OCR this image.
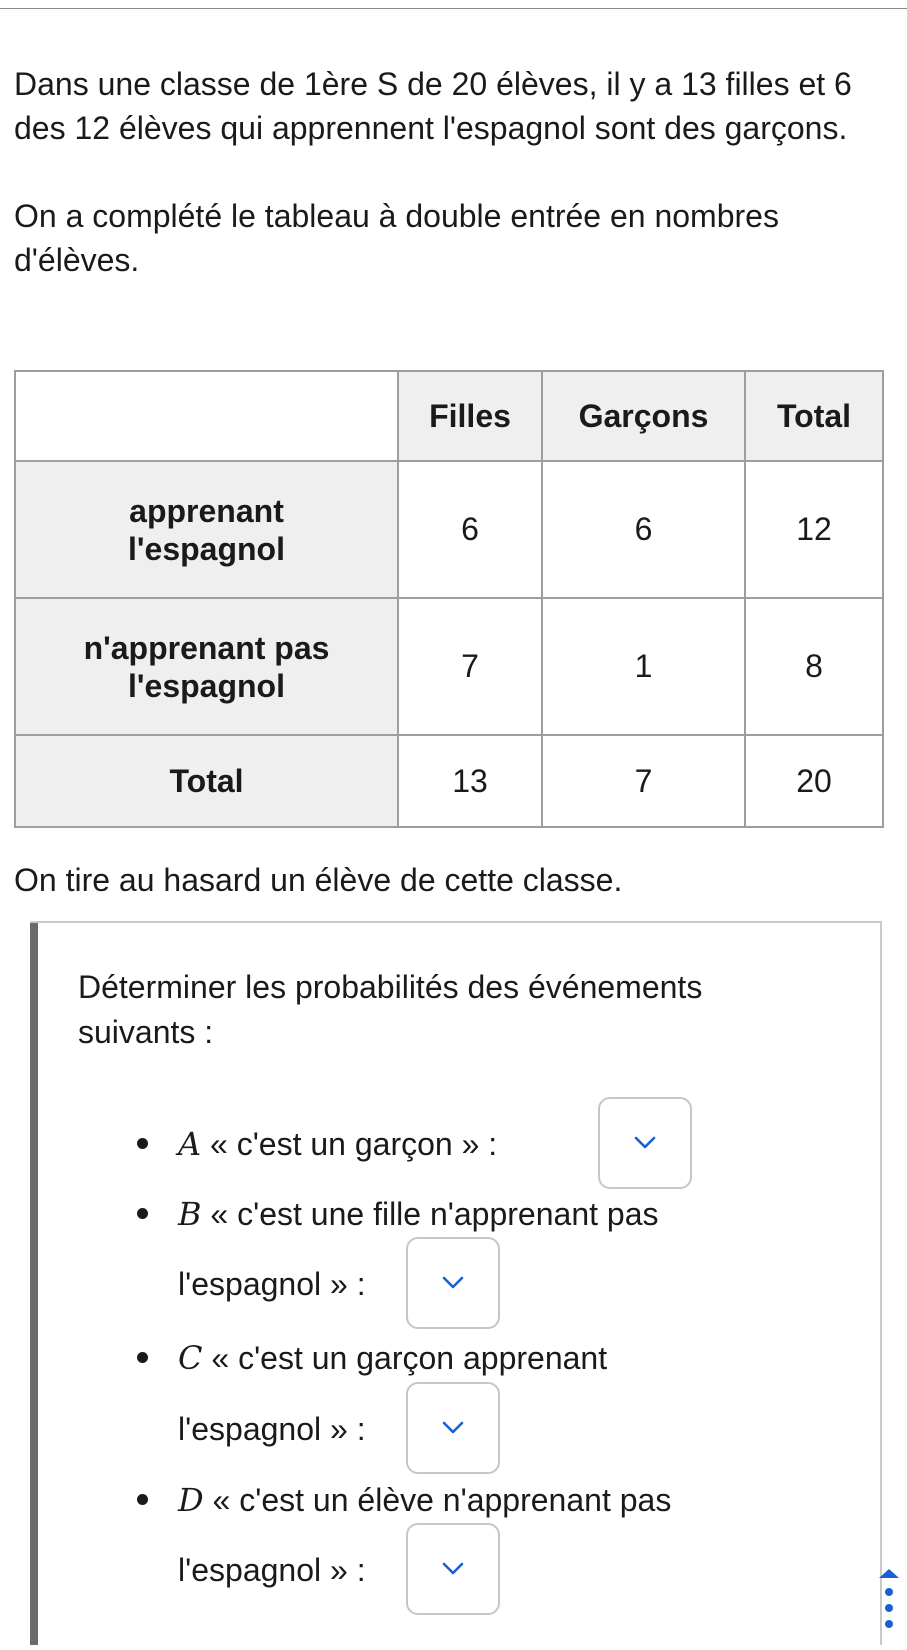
Dans une classe de 1ère S de 20 élèves, il y a 13 filles et 6 des 12 élèves qui apprennent l'espagnol sont des garçons.

On a complété le tableau à double entrée en nombres d'élèves.

	Filles	Garçons	Total

apprenant l'espagnol	6	6	12

n'apprenant pas l'espagnol	7	1	8
Total	13	7	20
On tire au hasard un élève de cette classe.
Déterminer les probabilités des événements suivants :
A « c'est un garçon » :
B « c'est une fille n'apprenant pas
l'espagnol » :
C « c'est un garçon apprenant
l'espagnol » :
D « c'est un élève n'apprenant pas
l'espagnol » :
